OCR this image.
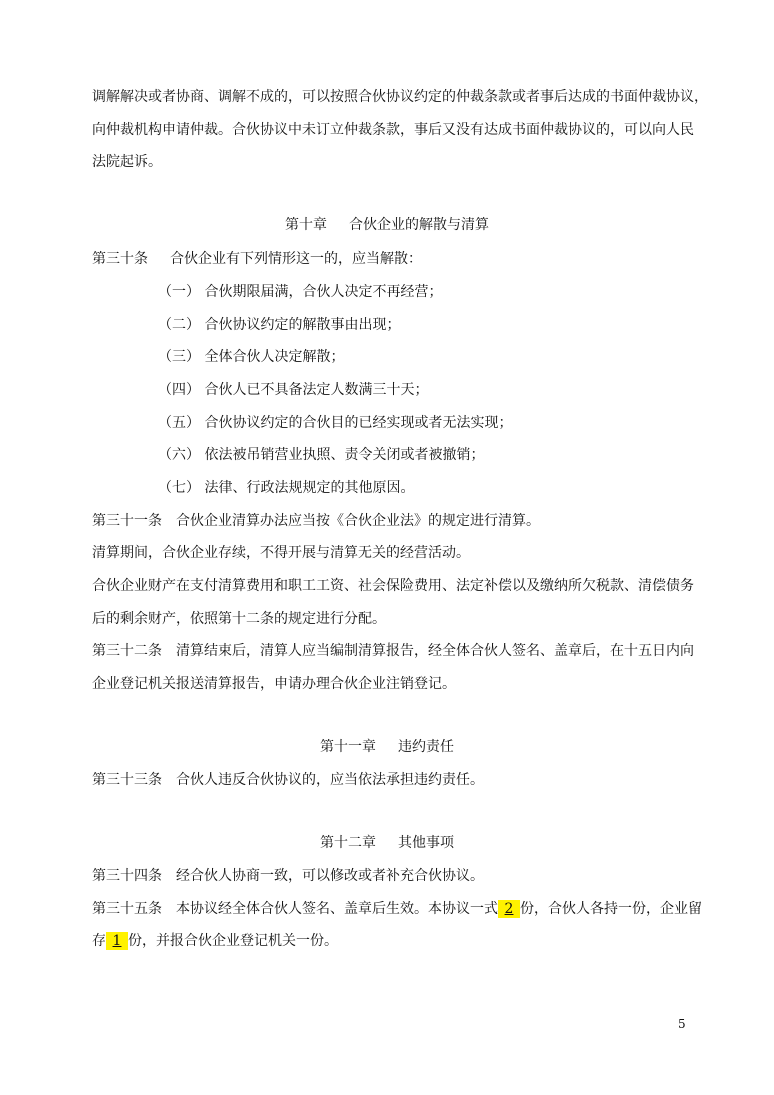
调解解决或者协商、调解不成的，可以按照合伙协议约定的仲裁条款或者事后达成的书面仲裁协议，
向仲裁机构申请仲裁。合伙协议中未订立仲裁条款，事后又没有达成书面仲裁协议的，可以向人民
法院起诉。
第十章 合伙企业的解散与清算
第三十条 合伙企业有下列情形这一的，应当解散：
（一） 合伙期限届满，合伙人决定不再经营；
（二） 合伙协议约定的解散事由出现；
（三） 全体合伙人决定解散；
（四） 合伙人已不具备法定人数满三十天；
（五） 合伙协议约定的合伙目的已经实现或者无法实现；
（六） 依法被吊销营业执照、责令关闭或者被撤销；
（七） 法律、行政法规规定的其他原因。
第三十一条 合伙企业清算办法应当按《合伙企业法》的规定进行清算。
清算期间，合伙企业存续，不得开展与清算无关的经营活动。
合伙企业财产在支付清算费用和职工工资、社会保险费用、法定补偿以及缴纳所欠税款、清偿债务
后的剩余财产，依照第十二条的规定进行分配。
第三十二条 清算结束后，清算人应当编制清算报告，经全体合伙人签名、盖章后，在十五日内向
企业登记机关报送清算报告，申请办理合伙企业注销登记。
第十一章 违约责任
第三十三条 合伙人违反合伙协议的，应当依法承担违约责任。
第十二章 其他事项
第三十四条 经合伙人协商一致，可以修改或者补充合伙协议。
第三十五条 本协议经全体合伙人签名、盖章后生效。本协议一式 2 份，合伙人各持一份，企业留
存 1 份，并报合伙企业登记机关一份。
5
